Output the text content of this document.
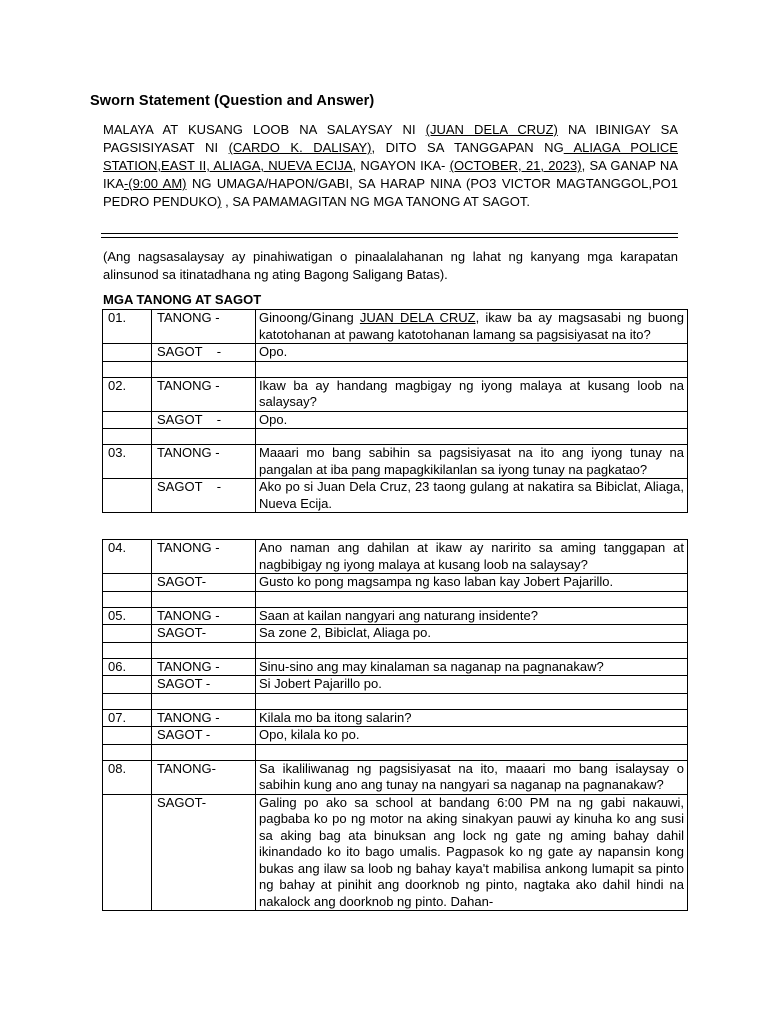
Sworn Statement (Question and Answer)
MALAYA AT KUSANG LOOB NA SALAYSAY NI (JUAN DELA CRUZ) NA IBINIGAY SA PAGSISIYASAT NI (CARDO K. DALISAY), DITO SA TANGGAPAN NG ALIAGA POLICE STATION,EAST II, ALIAGA, NUEVA ECIJA, NGAYON IKA- (OCTOBER, 21, 2023), SA GANAP NA IKA-(9:00 AM) NG UMAGA/HAPON/GABI, SA HARAP NINA (PO3 VICTOR MAGTANGGOL,PO1 PEDRO PENDUKO) , SA PAMAMAGITAN NG MGA TANONG AT SAGOT.
(Ang nagsasalaysay ay pinahiwatigan o pinaalalahanan ng lahat ng kanyang mga karapatan alinsunod sa itinatadhana ng ating Bagong Saligang Batas).
MGA TANONG AT SAGOT
01.	TANONG -	Ginoong/Ginang JUAN DELA CRUZ, ikaw ba ay magsasabi ng buong katotohanan at pawang katotohanan lamang sa pagsisiyasat na ito?
	SAGOT    -	Opo.

02.	TANONG -	Ikaw ba ay handang magbigay ng iyong malaya at kusang loob na salaysay?
	SAGOT    -	Opo.

03.	TANONG -	Maaari mo bang sabihin sa pagsisiyasat na ito ang iyong tunay na pangalan at iba pang mapagkikilanlan sa iyong tunay na pagkatao?
	SAGOT    -	Ako po si Juan Dela Cruz, 23 taong gulang at nakatira sa Bibiclat, Aliaga, Nueva Ecija.
04.	TANONG -	Ano naman ang dahilan at ikaw ay naririto sa aming tanggapan at nagbibigay ng iyong malaya at kusang loob na salaysay?
	SAGOT-	Gusto ko pong magsampa ng kaso laban kay Jobert Pajarillo.

05.	TANONG -	Saan at kailan nangyari ang naturang insidente?
	SAGOT-	Sa zone 2, Bibiclat, Aliaga po.

06.	TANONG -	Sinu-sino ang may kinalaman sa naganap na pagnanakaw?
	SAGOT -	Si Jobert Pajarillo po.

07.	TANONG -	Kilala mo ba itong salarin?
	SAGOT -	Opo, kilala ko po.

08.	TANONG-	Sa ikaliliwanag ng pagsisiyasat na ito, maaari mo bang isalaysay o sabihin kung ano ang tunay na nangyari sa naganap na pagnanakaw?
	SAGOT-	Galing po ako sa school at bandang 6:00 PM na ng gabi nakauwi, pagbaba ko po ng motor na aking sinakyan pauwi ay kinuha ko ang susi sa aking bag ata binuksan ang lock ng gate ng aming bahay dahil ikinandado ko ito bago umalis. Pagpasok ko ng gate ay napansin kong bukas ang ilaw sa loob ng bahay kaya't mabilisa ankong lumapit sa pinto ng bahay at pinihit ang doorknob ng pinto, nagtaka ako dahil hindi na nakalock ang doorknob ng pinto. Dahan-
